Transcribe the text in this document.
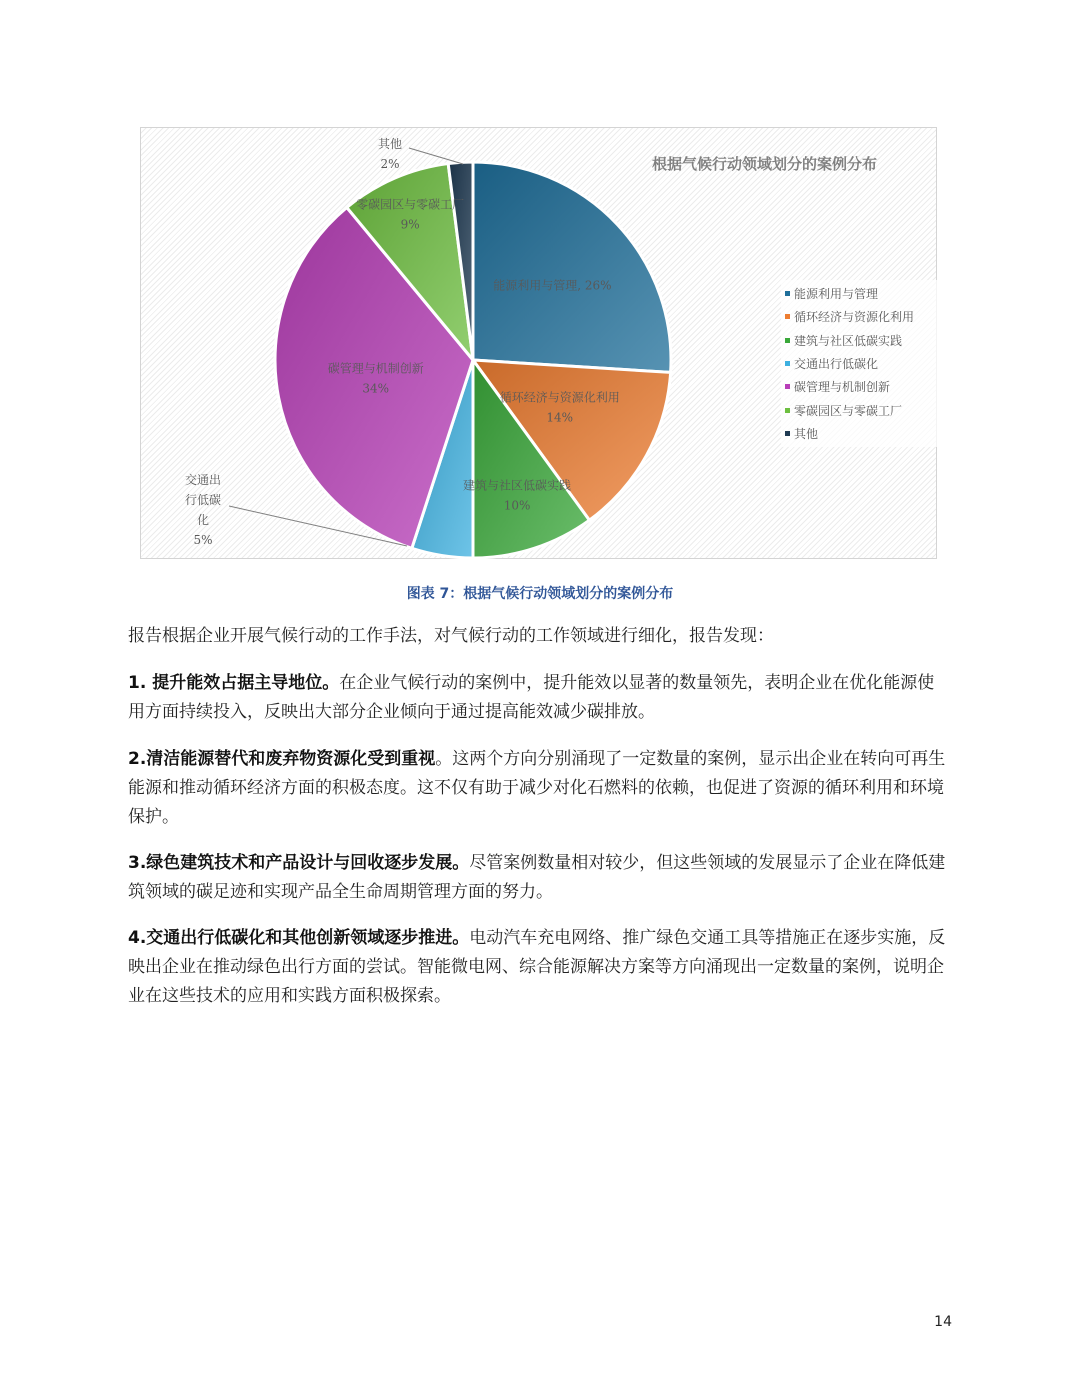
能源利用与管理, 26%
循环经济与资源化利用 14%
建筑与社区低碳实践 10%
交通出行低碳化 5%
碳管理与机制创新 34%
零碳园区与零碳工厂 9%
其他 2%	根据气候行动领域划分的案例分布
能源利用与管理
循环经济与资源化利用
建筑与社区低碳实践
交通出行低碳化
碳管理与机制创新
零碳园区与零碳工厂
其他
图表 7：根据气候行动领域划分的案例分布

报告根据企业开展气候行动的工作手法，对气候行动的工作领域进行细化，报告发现：

1. 提升能效占据主导地位。在企业气候行动的案例中，提升能效以显著的数量领先，表明企业在优化能源使用方面持续投入，反映出大部分企业倾向于通过提高能效减少碳排放。

2.清洁能源替代和废弃物资源化受到重视。这两个方向分别涌现了一定数量的案例，显示出企业在转向可再生能源和推动循环经济方面的积极态度。这不仅有助于减少对化石燃料的依赖，也促进了资源的循环利用和环境保护。

3.绿色建筑技术和产品设计与回收逐步发展。尽管案例数量相对较少，但这些领域的发展显示了企业在降低建筑领域的碳足迹和实现产品全生命周期管理方面的努力。

4.交通出行低碳化和其他创新领域逐步推进。电动汽车充电网络、推广绿色交通工具等措施正在逐步实施，反映出企业在推动绿色出行方面的尝试。智能微电网、综合能源解决方案等方向涌现出一定数量的案例，说明企业在这些技术的应用和实践方面积极探索。

14
